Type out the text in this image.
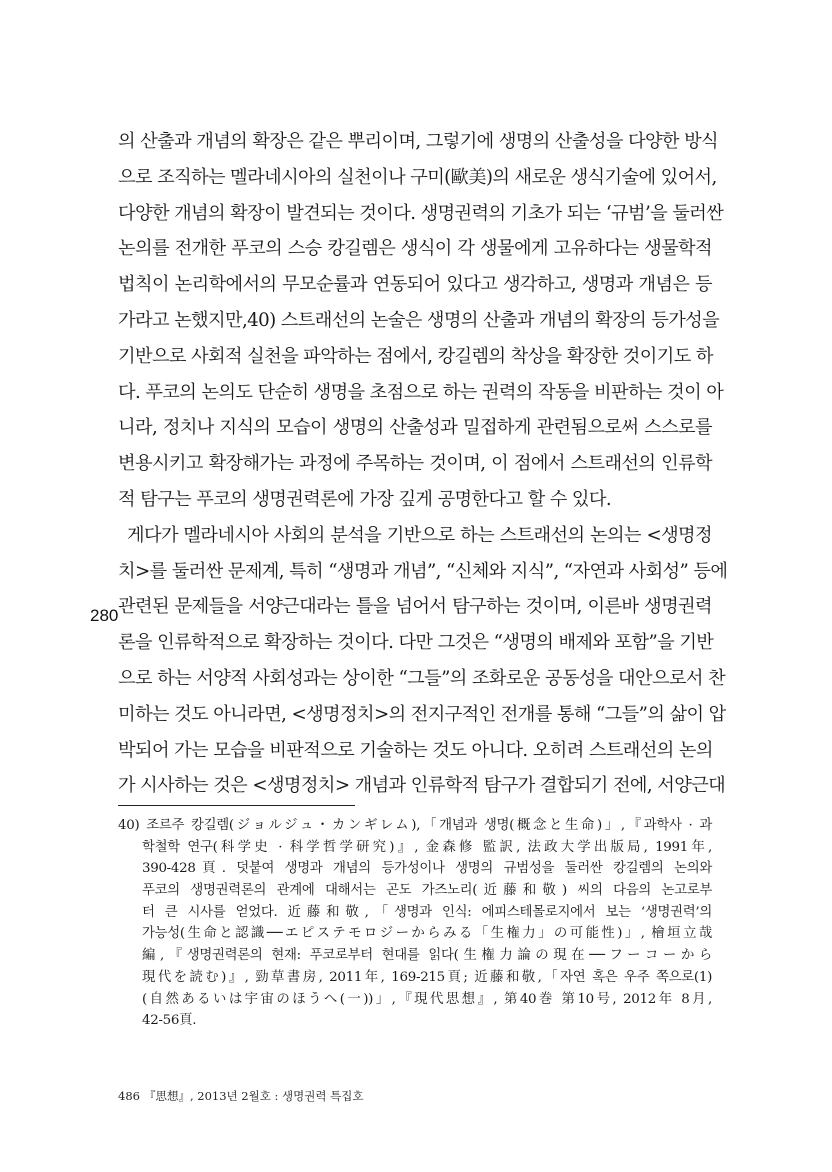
의 산출과 개념의 확장은 같은 뿌리이며, 그렇기에 생명의 산출성을 다양한 방식
으로 조직하는 멜라네시아의 실천이나 구미(歐美)의 새로운 생식기술에 있어서,
다양한 개념의 확장이 발견되는 것이다. 생명권력의 기초가 되는 ‘규범’을 둘러싼
논의를 전개한 푸코의 스승 캉길렘은 생식이 각 생물에게 고유하다는 생물학적
법칙이 논리학에서의 무모순률과 연동되어 있다고 생각하고, 생명과 개념은 등
가라고 논했지만,40) 스트래선의 논술은 생명의 산출과 개념의 확장의 등가성을
기반으로 사회적 실천을 파악하는 점에서, 캉길렘의 착상을 확장한 것이기도 하
다. 푸코의 논의도 단순히 생명을 초점으로 하는 권력의 작동을 비판하는 것이 아
니라, 정치나 지식의 모습이 생명의 산출성과 밀접하게 관련됨으로써 스스로를
변용시키고 확장해가는 과정에 주목하는 것이며, 이 점에서 스트래선의 인류학
적 탐구는 푸코의 생명권력론에 가장 깊게 공명한다고 할 수 있다.
게다가 멜라네시아 사회의 분석을 기반으로 하는 스트래선의 논의는 <생명정
치>를 둘러싼 문제계, 특히 “생명과 개념”, “신체와 지식”, “자연과 사회성” 등에
관련된 문제들을 서양근대라는 틀을 넘어서 탐구하는 것이며, 이른바 생명권력
론을 인류학적으로 확장하는 것이다. 다만 그것은 “생명의 배제와 포함”을 기반
으로 하는 서양적 사회성과는 상이한 “그들”의 조화로운 공동성을 대안으로서 찬
미하는 것도 아니라면, <생명정치>의 전지구적인 전개를 통해 “그들”의 삶이 압
박되어 가는 모습을 비판적으로 기술하는 것도 아니다. 오히려 스트래선의 논의
가 시사하는 것은 <생명정치> 개념과 인류학적 탐구가 결합되기 전에, 서양근대
280
40) 조르주 캉길렘(ジョルジュ・カンギレム),「개념과 생명(概念と生命)」,『과학사 · 과
학철학 연구(科学史 · 科学哲学研究)』, 金森修 監訳, 法政大学出版局, 1991年,
390-428頁. 덧붙여 생명과 개념의 등가성이나 생명의 규범성을 둘러싼 캉길렘의 논의와
푸코의 생명권력론의 관계에 대해서는 곤도 가즈노리(近藤和敬) 씨의 다음의 논고로부
터 큰 시사를 얻었다. 近藤和敬,「생명과 인식: 에피스테몰로지에서 보는 ‘생명권력’의
가능성(生命と認識──エピステモロジーからみる「生権力」の可能性)」, 檜垣立哉
編,『생명권력론의 현재: 푸코로부터 현대를 읽다(生権力論の現在──フーコーから
現代を読む)』, 勁草書房, 2011年, 169-215頁; 近藤和敬,「자연 혹은 우주 쪽으로(1)
(自然あるいは宇宙のほうへ(一))」,『現代思想』, 第40巻 第10号, 2012年 8月,
42-56頁.
486 『思想』, 2013년 2월호 : 생명권력 특집호
